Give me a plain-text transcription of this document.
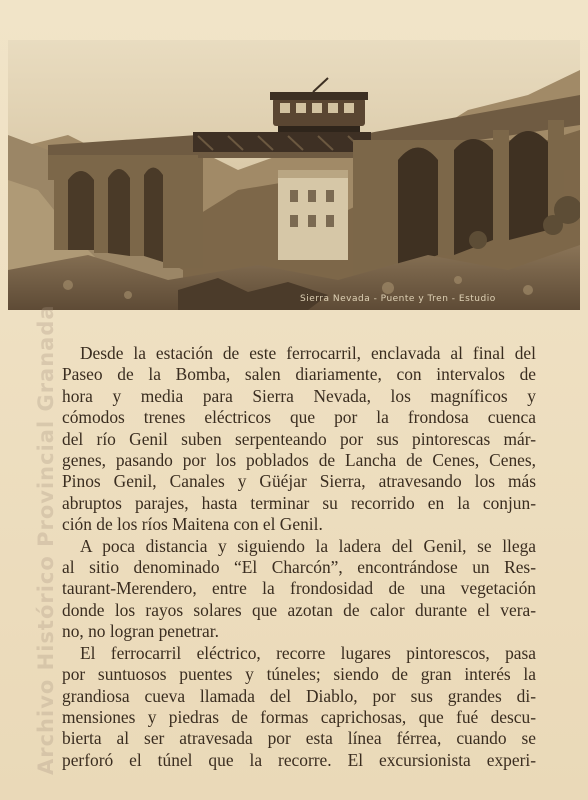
Sierra Nevada - Puente y Tren - Estudio

Desde la estación de este ferrocarril, enclavada al final del
Paseo de la Bomba, salen diariamente, con intervalos de
hora y media para Sierra Nevada, los magníficos y
cómodos trenes eléctricos que por la frondosa cuenca
del río Genil suben serpenteando por sus pintorescas már-
genes, pasando por los poblados de Lancha de Cenes, Cenes,
Pinos Genil, Canales y Güéjar Sierra, atravesando los más
abruptos parajes, hasta terminar su recorrido en la conjun-
ción de los ríos Maitena con el Genil.

A poca distancia y siguiendo la ladera del Genil, se llega
al sitio denominado “El Charcón”, encontrándose un Res-
taurant-Merendero, entre la frondosidad de una vegetación
donde los rayos solares que azotan de calor durante el vera-
no, no logran penetrar.

El ferrocarril eléctrico, recorre lugares pintorescos, pasa
por suntuosos puentes y túneles; siendo de gran interés la
grandiosa cueva llamada del Diablo, por sus grandes di-
mensiones y piedras de formas caprichosas, que fué descu-
bierta al ser atravesada por esta línea férrea, cuando se
perforó el túnel que la recorre. El excursionista experi-

Archivo Histórico Provincial Granada
